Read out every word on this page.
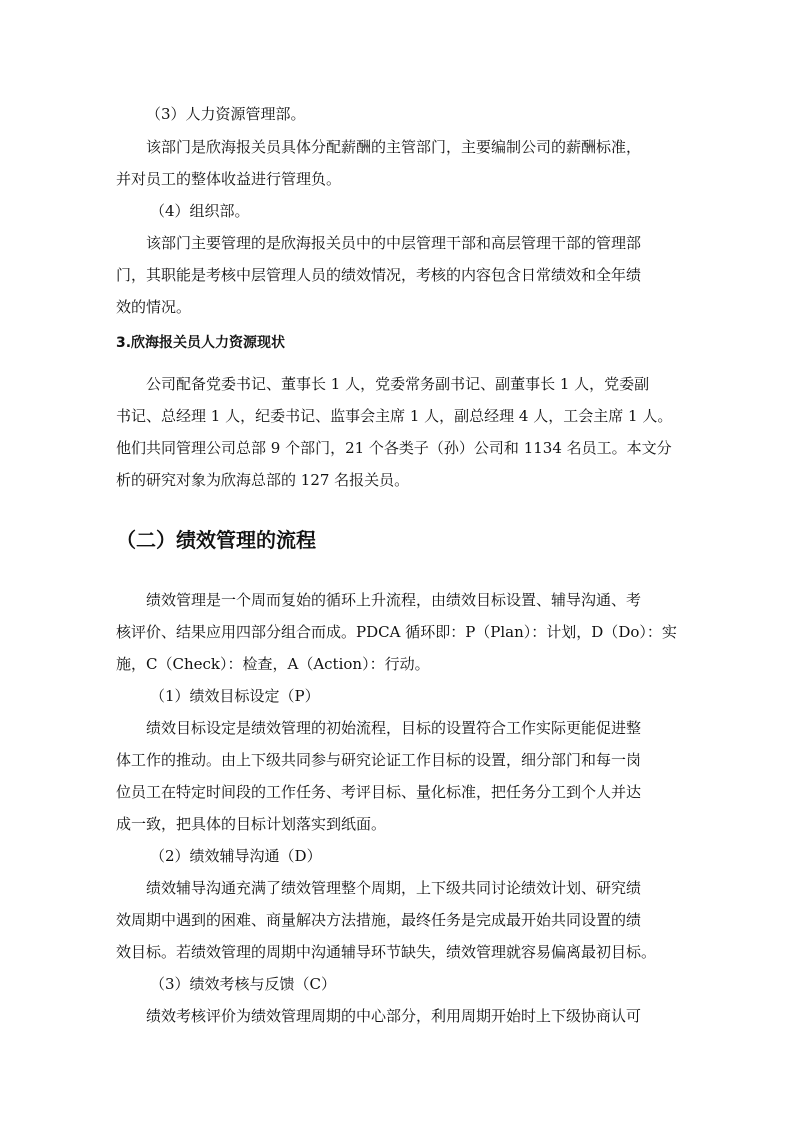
（3）人力资源管理部。
该部门是欣海报关员具体分配薪酬的主管部门，主要编制公司的薪酬标准，
并对员工的整体收益进行管理负。
（4）组织部。
该部门主要管理的是欣海报关员中的中层管理干部和高层管理干部的管理部
门，其职能是考核中层管理人员的绩效情况，考核的内容包含日常绩效和全年绩
效的情况。
3.欣海报关员人力资源现状
公司配备党委书记、董事长 1 人，党委常务副书记、副董事长 1 人，党委副
书记、总经理 1 人，纪委书记、监事会主席 1 人，副总经理 4 人，工会主席 1 人。
他们共同管理公司总部 9 个部门，21 个各类子（孙）公司和 1134 名员工。本文分
析的研究对象为欣海总部的 127 名报关员。
（二）绩效管理的流程
绩效管理是一个周而复始的循环上升流程，由绩效目标设置、辅导沟通、考
核评价、结果应用四部分组合而成。PDCA 循环即：P（Plan）：计划，D（Do）：实
施，C（Check）：检查，A（Action）：行动。
（1）绩效目标设定（P）
绩效目标设定是绩效管理的初始流程，目标的设置符合工作实际更能促进整
体工作的推动。由上下级共同参与研究论证工作目标的设置，细分部门和每一岗
位员工在特定时间段的工作任务、考评目标、量化标准，把任务分工到个人并达
成一致，把具体的目标计划落实到纸面。
（2）绩效辅导沟通（D）
绩效辅导沟通充满了绩效管理整个周期，上下级共同讨论绩效计划、研究绩
效周期中遇到的困难、商量解决方法措施，最终任务是完成最开始共同设置的绩
效目标。若绩效管理的周期中沟通辅导环节缺失，绩效管理就容易偏离最初目标。
（3）绩效考核与反馈（C）
绩效考核评价为绩效管理周期的中心部分，利用周期开始时上下级协商认可
